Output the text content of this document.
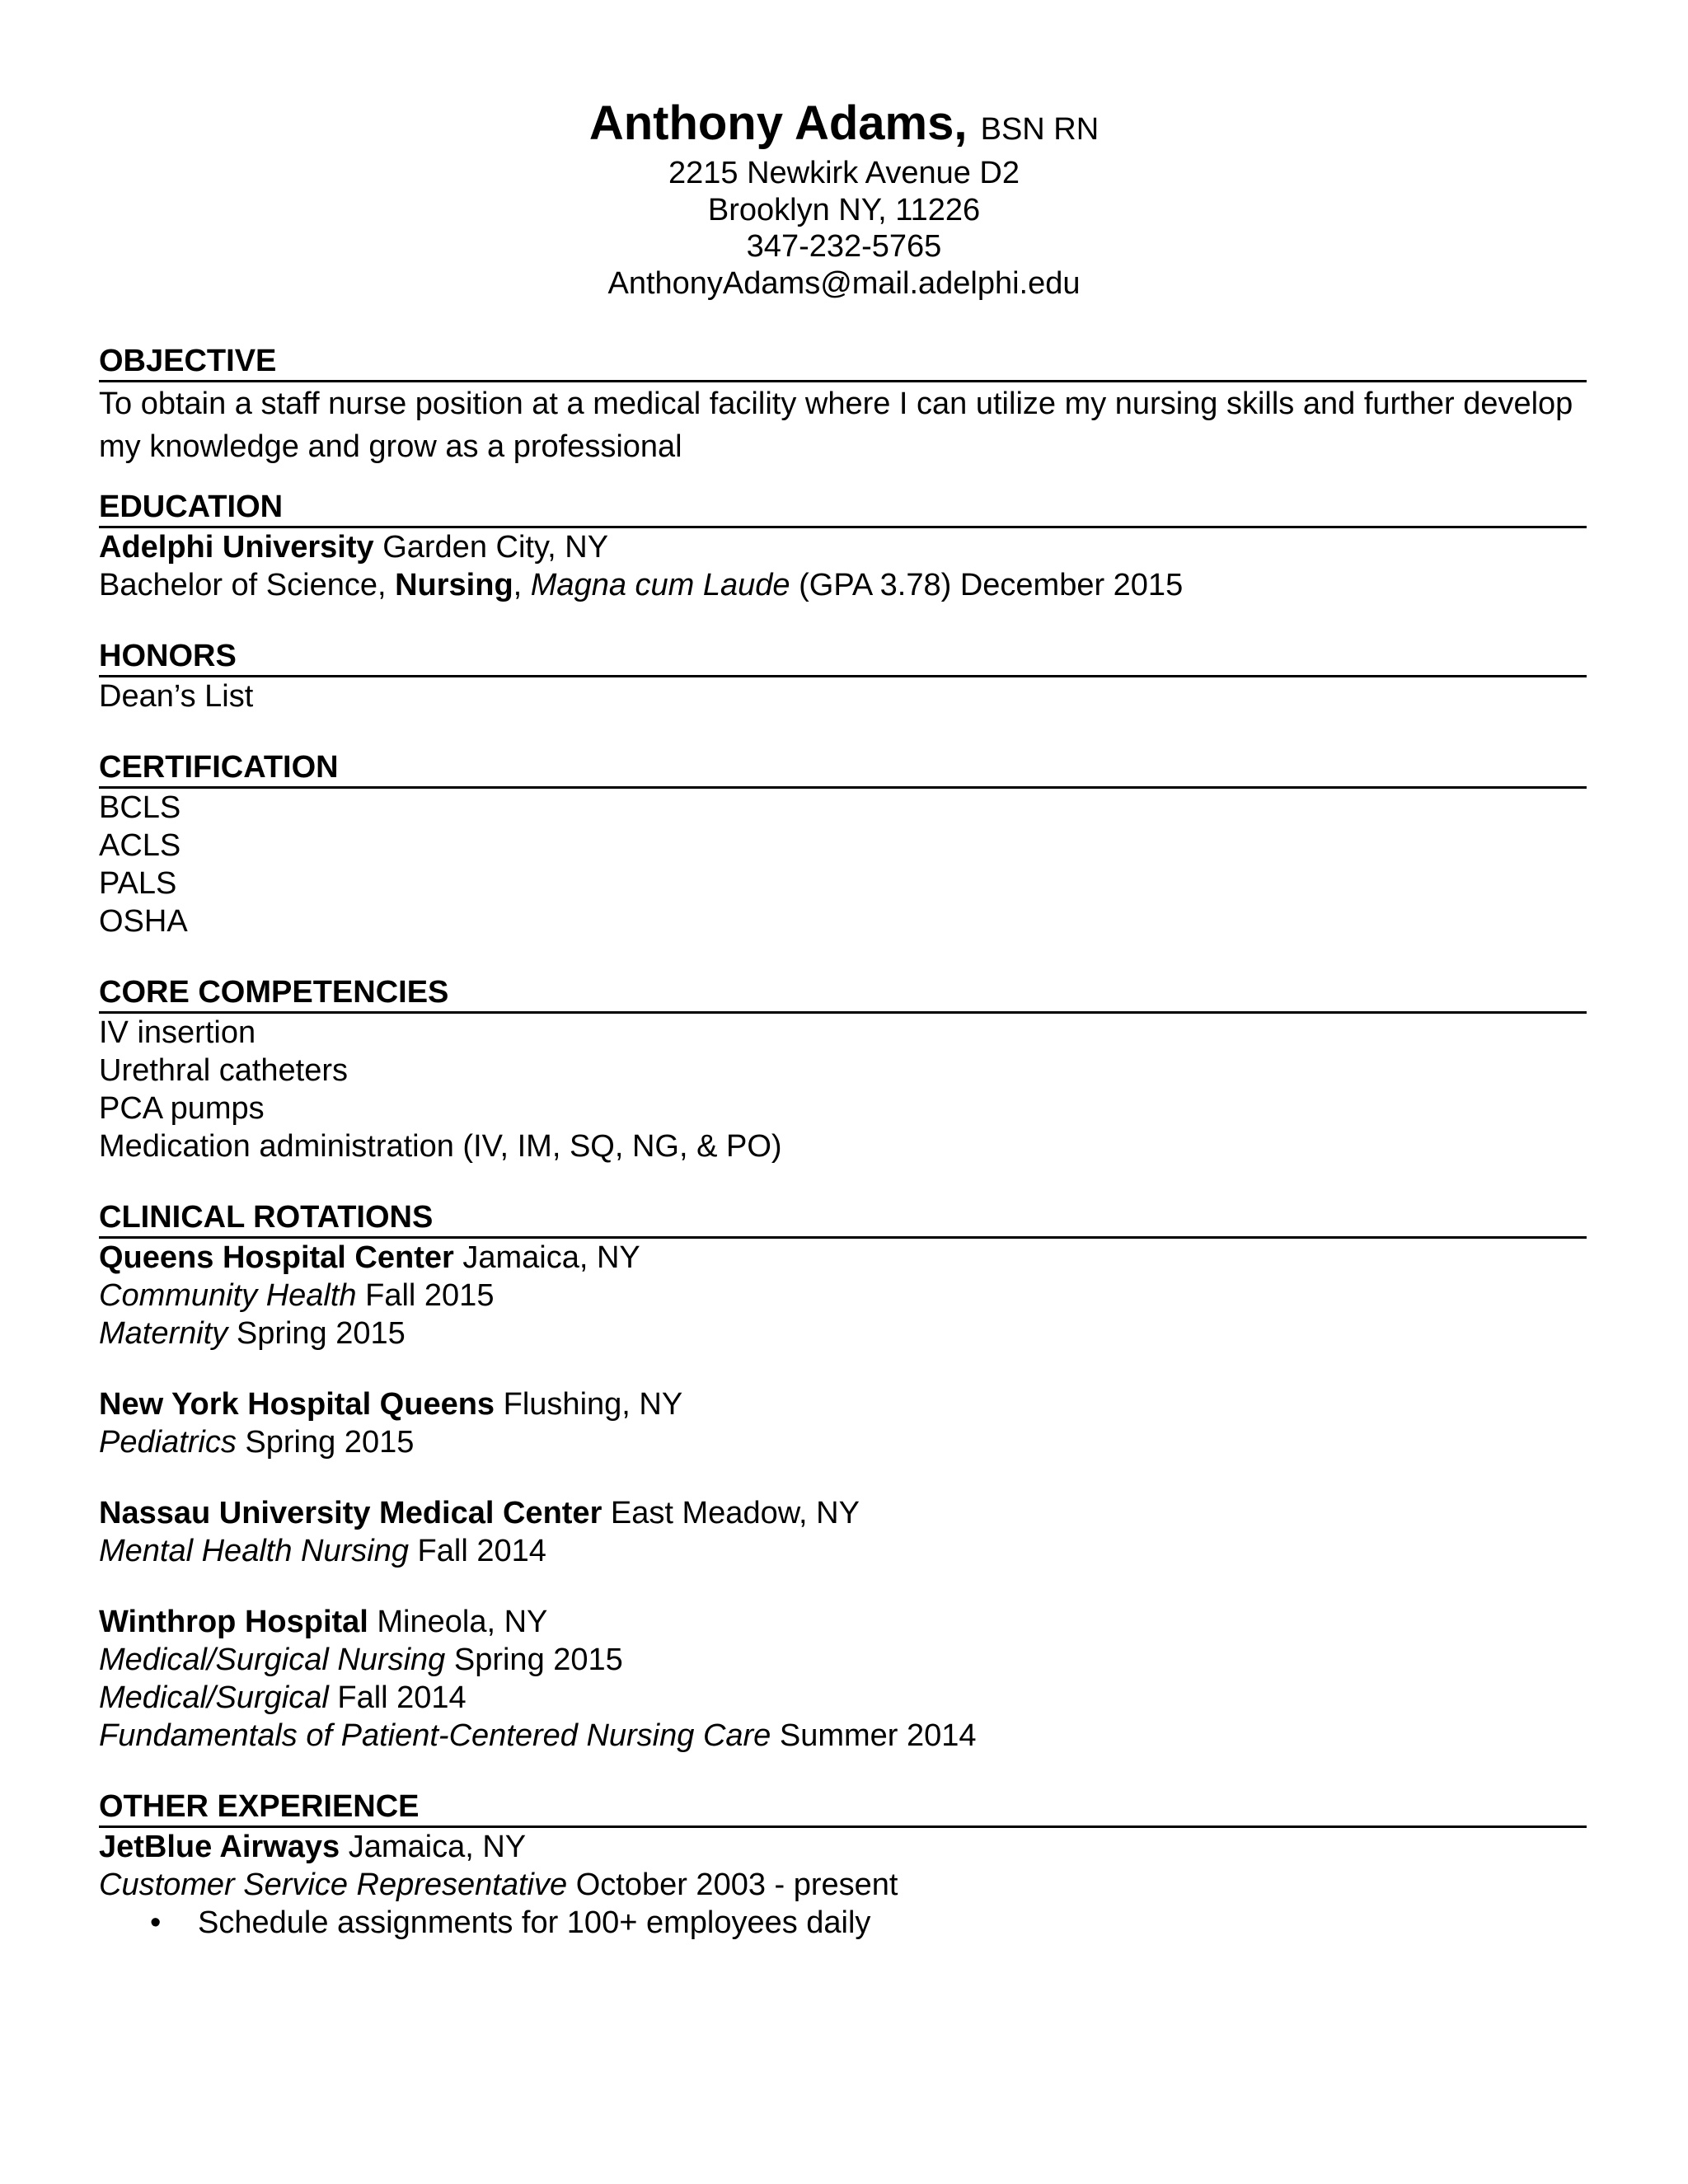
Anthony Adams, BSN RN
2215 Newkirk Avenue D2
Brooklyn NY, 11226
347-232-5765
AnthonyAdams@mail.adelphi.edu
OBJECTIVE
To obtain a staff nurse position at a medical facility where I can utilize my nursing skills and further develop my knowledge and grow as a professional
EDUCATION
Adelphi University Garden City, NY
Bachelor of Science, Nursing, Magna cum Laude (GPA 3.78) December 2015
HONORS
Dean’s List
CERTIFICATION
BCLS
ACLS
PALS
OSHA
CORE COMPETENCIES
IV insertion
Urethral catheters
PCA pumps
Medication administration (IV, IM, SQ, NG, & PO)
CLINICAL ROTATIONS
Queens Hospital Center Jamaica, NY
Community Health Fall 2015
Maternity Spring 2015
New York Hospital Queens Flushing, NY
Pediatrics Spring 2015
Nassau University Medical Center East Meadow, NY
Mental Health Nursing Fall 2014
Winthrop Hospital Mineola, NY
Medical/Surgical Nursing Spring 2015
Medical/Surgical Fall 2014
Fundamentals of Patient-Centered Nursing Care Summer 2014
OTHER EXPERIENCE
JetBlue Airways Jamaica, NY
Customer Service Representative October 2003 - present
• Schedule assignments for 100+ employees daily
